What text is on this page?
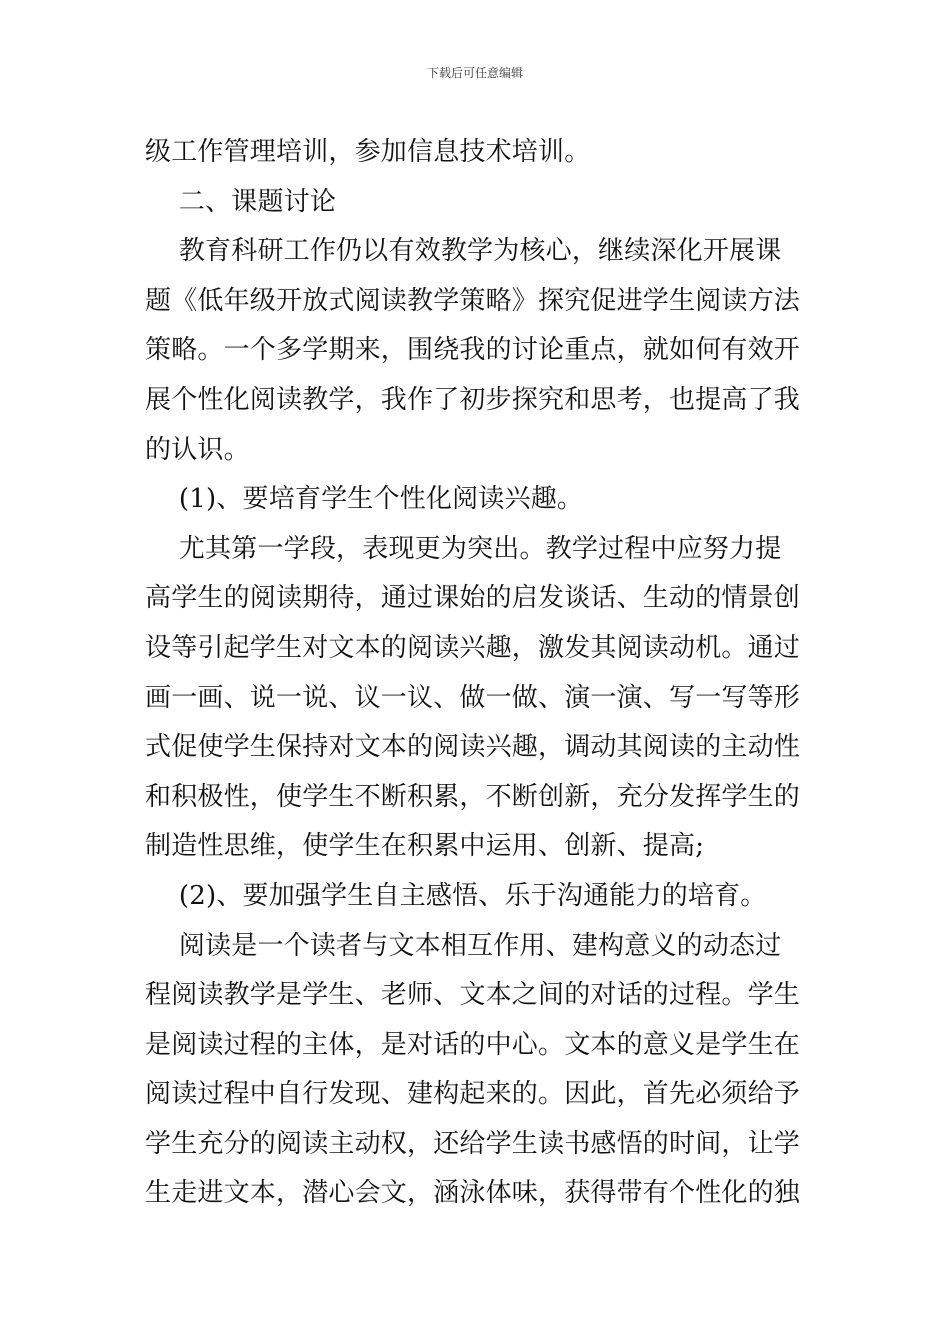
下载后可任意编辑

级工作管理培训，参加信息技术培训。

二、课题讨论

教育科研工作仍以有效教学为核心，继续深化开展课

题《低年级开放式阅读教学策略》探究促进学生阅读方法

策略。一个多学期来，围绕我的讨论重点，就如何有效开

展个性化阅读教学，我作了初步探究和思考，也提高了我

的认识。

(1)、要培育学生个性化阅读兴趣。

尤其第一学段，表现更为突出。教学过程中应努力提

高学生的阅读期待，通过课始的启发谈话、生动的情景创

设等引起学生对文本的阅读兴趣，激发其阅读动机。通过

画一画、说一说、议一议、做一做、演一演、写一写等形

式促使学生保持对文本的阅读兴趣，调动其阅读的主动性

和积极性，使学生不断积累，不断创新，充分发挥学生的

制造性思维，使学生在积累中运用、创新、提高;

(2)、要加强学生自主感悟、乐于沟通能力的培育。

阅读是一个读者与文本相互作用、建构意义的动态过

程阅读教学是学生、老师、文本之间的对话的过程。学生

是阅读过程的主体，是对话的中心。文本的意义是学生在

阅读过程中自行发现、建构起来的。因此，首先必须给予

学生充分的阅读主动权，还给学生读书感悟的时间，让学

生走进文本，潜心会文，涵泳体味，获得带有个性化的独
